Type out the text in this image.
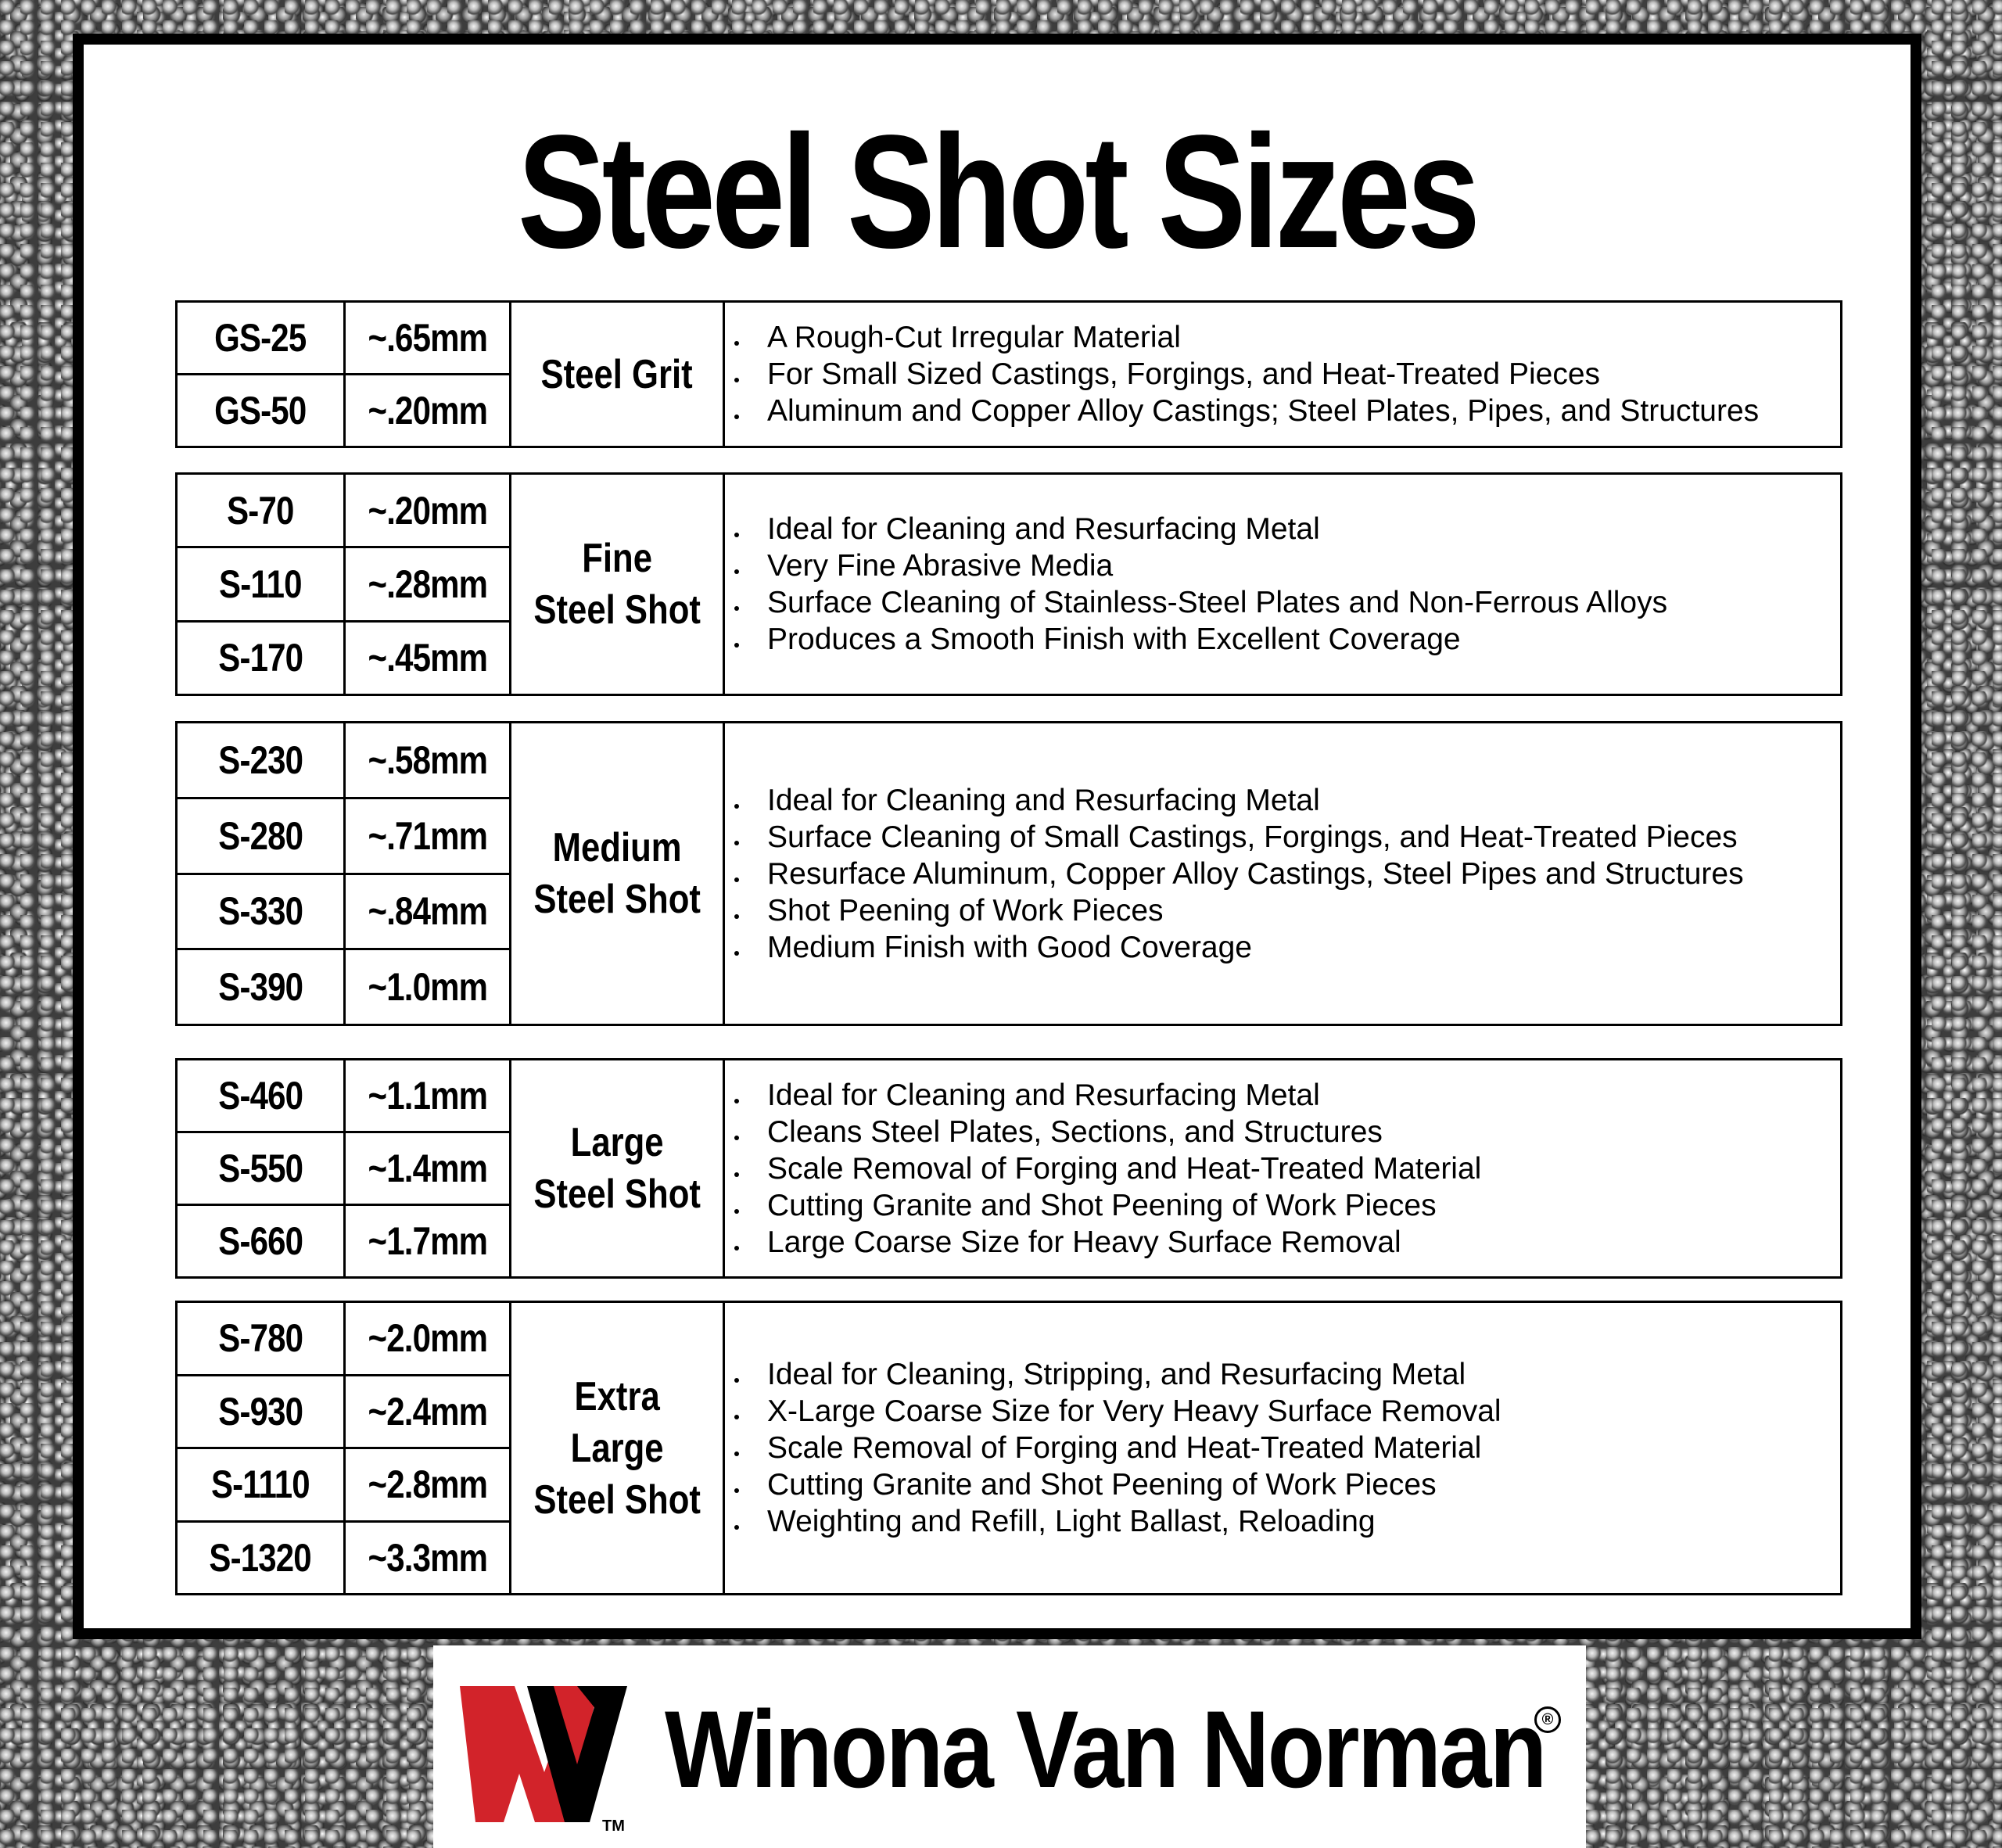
Steel Shot Sizes
GS-25
GS-50
~.65mm
~.20mm
Steel Grit
A Rough-Cut Irregular Material
For Small Sized Castings, Forgings, and Heat-Treated Pieces
Aluminum and Copper Alloy Castings; Steel Plates, Pipes, and Structures
S-70
S-110
S-170
~.20mm
~.28mm
~.45mm
Fine
Steel Shot
Ideal for Cleaning and Resurfacing Metal
Very Fine Abrasive Media
Surface Cleaning of Stainless-Steel Plates and Non-Ferrous Alloys
Produces a Smooth Finish with Excellent Coverage
S-230
S-280
S-330
S-390
~.58mm
~.71mm
~.84mm
~1.0mm
Medium
Steel Shot
Ideal for Cleaning and Resurfacing Metal
Surface Cleaning of Small Castings, Forgings, and Heat-Treated Pieces
Resurface Aluminum, Copper Alloy Castings, Steel Pipes and Structures
Shot Peening of Work Pieces
Medium Finish with Good Coverage
S-460
S-550
S-660
~1.1mm
~1.4mm
~1.7mm
Large
Steel Shot
Ideal for Cleaning and Resurfacing Metal
Cleans Steel Plates, Sections, and Structures
Scale Removal of Forging and Heat-Treated Material
Cutting Granite and Shot Peening of Work Pieces
Large Coarse Size for Heavy Surface Removal
S-780
S-930
S-1110
S-1320
~2.0mm
~2.4mm
~2.8mm
~3.3mm
Extra
Large
Steel Shot
Ideal for Cleaning, Stripping, and Resurfacing Metal
X-Large Coarse Size for Very Heavy Surface Removal
Scale Removal of Forging and Heat-Treated Material
Cutting Granite and Shot Peening of Work Pieces
Weighting and Refill, Light Ballast, Reloading
TM
Winona Van Norman
®
